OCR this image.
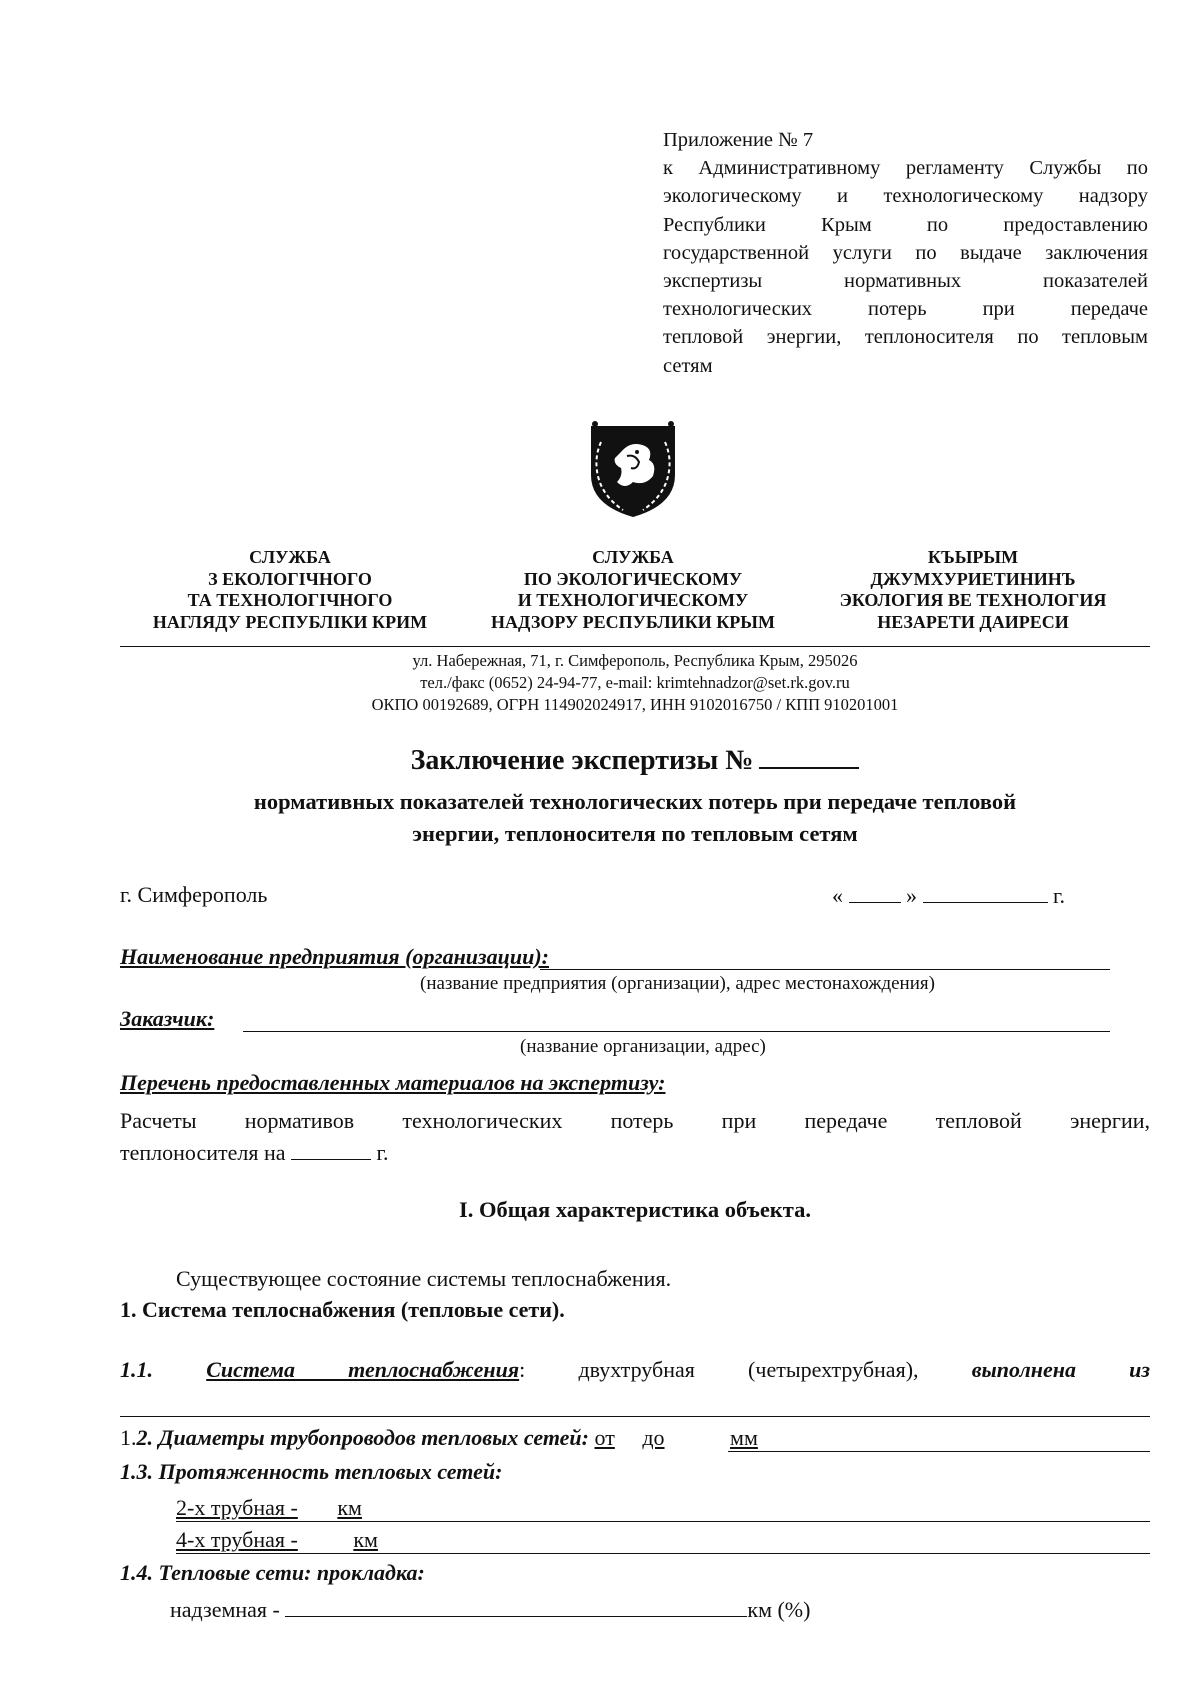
Приложение № 7
к Административному регламенту Службы по
экологическому и технологическому надзору
Республики Крым по предоставлению
государственной услуги по выдаче заключения
экспертизы нормативных показателей
технологических потерь при передаче
тепловой энергии, теплоносителя по тепловым
сетям
СЛУЖБА
З ЕКОЛОГІЧНОГО
ТА ТЕХНОЛОГІЧНОГО
НАГЛЯДУ РЕСПУБЛІКИ КРИМ
СЛУЖБА
ПО ЭКОЛОГИЧЕСКОМУ
И ТЕХНОЛОГИЧЕСКОМУ
НАДЗОРУ РЕСПУБЛИКИ КРЫМ
КЪЫРЫМ
ДЖУМХУРИЕТИНИНЪ
ЭКОЛОГИЯ ВЕ ТЕХНОЛОГИЯ
НЕЗАРЕТИ ДАИРЕСИ
ул. Набережная, 71, г. Симферополь, Республика Крым, 295026
тел./факс (0652) 24-94-77, e-mail: krimtehnadzor@set.rk.gov.ru
ОКПО 00192689, ОГРН 114902024917, ИНН 9102016750 / КПП 910201001
Заключение экспертизы №
нормативных показателей технологических потерь при передаче тепловой
энергии, теплоносителя по тепловым сетям
г. Симферополь	«	»	г.
Наименование предприятия (организации):
(название предприятия (организации), адрес местонахождения)
Заказчик:
(название организации, адрес)
Перечень предоставленных материалов на экспертизу:
Расчеты нормативов технологических потерь при передаче тепловой энергии,
теплоносителя на	г.
I. Общая характеристика объекта.
Существующее состояние системы теплоснабжения.
1. Система теплоснабжения (тепловые сети).
1.1. Система теплоснабжения: двухтрубная (четырехтрубная), выполнена из
1.2. Диаметры трубопроводов тепловых сетей: от до	мм
1.3. Протяженность тепловых сетей:
2-х трубная - км
4-х трубная -	км
1.4. Тепловые сети: прокладка:
надземная -	км (%)
